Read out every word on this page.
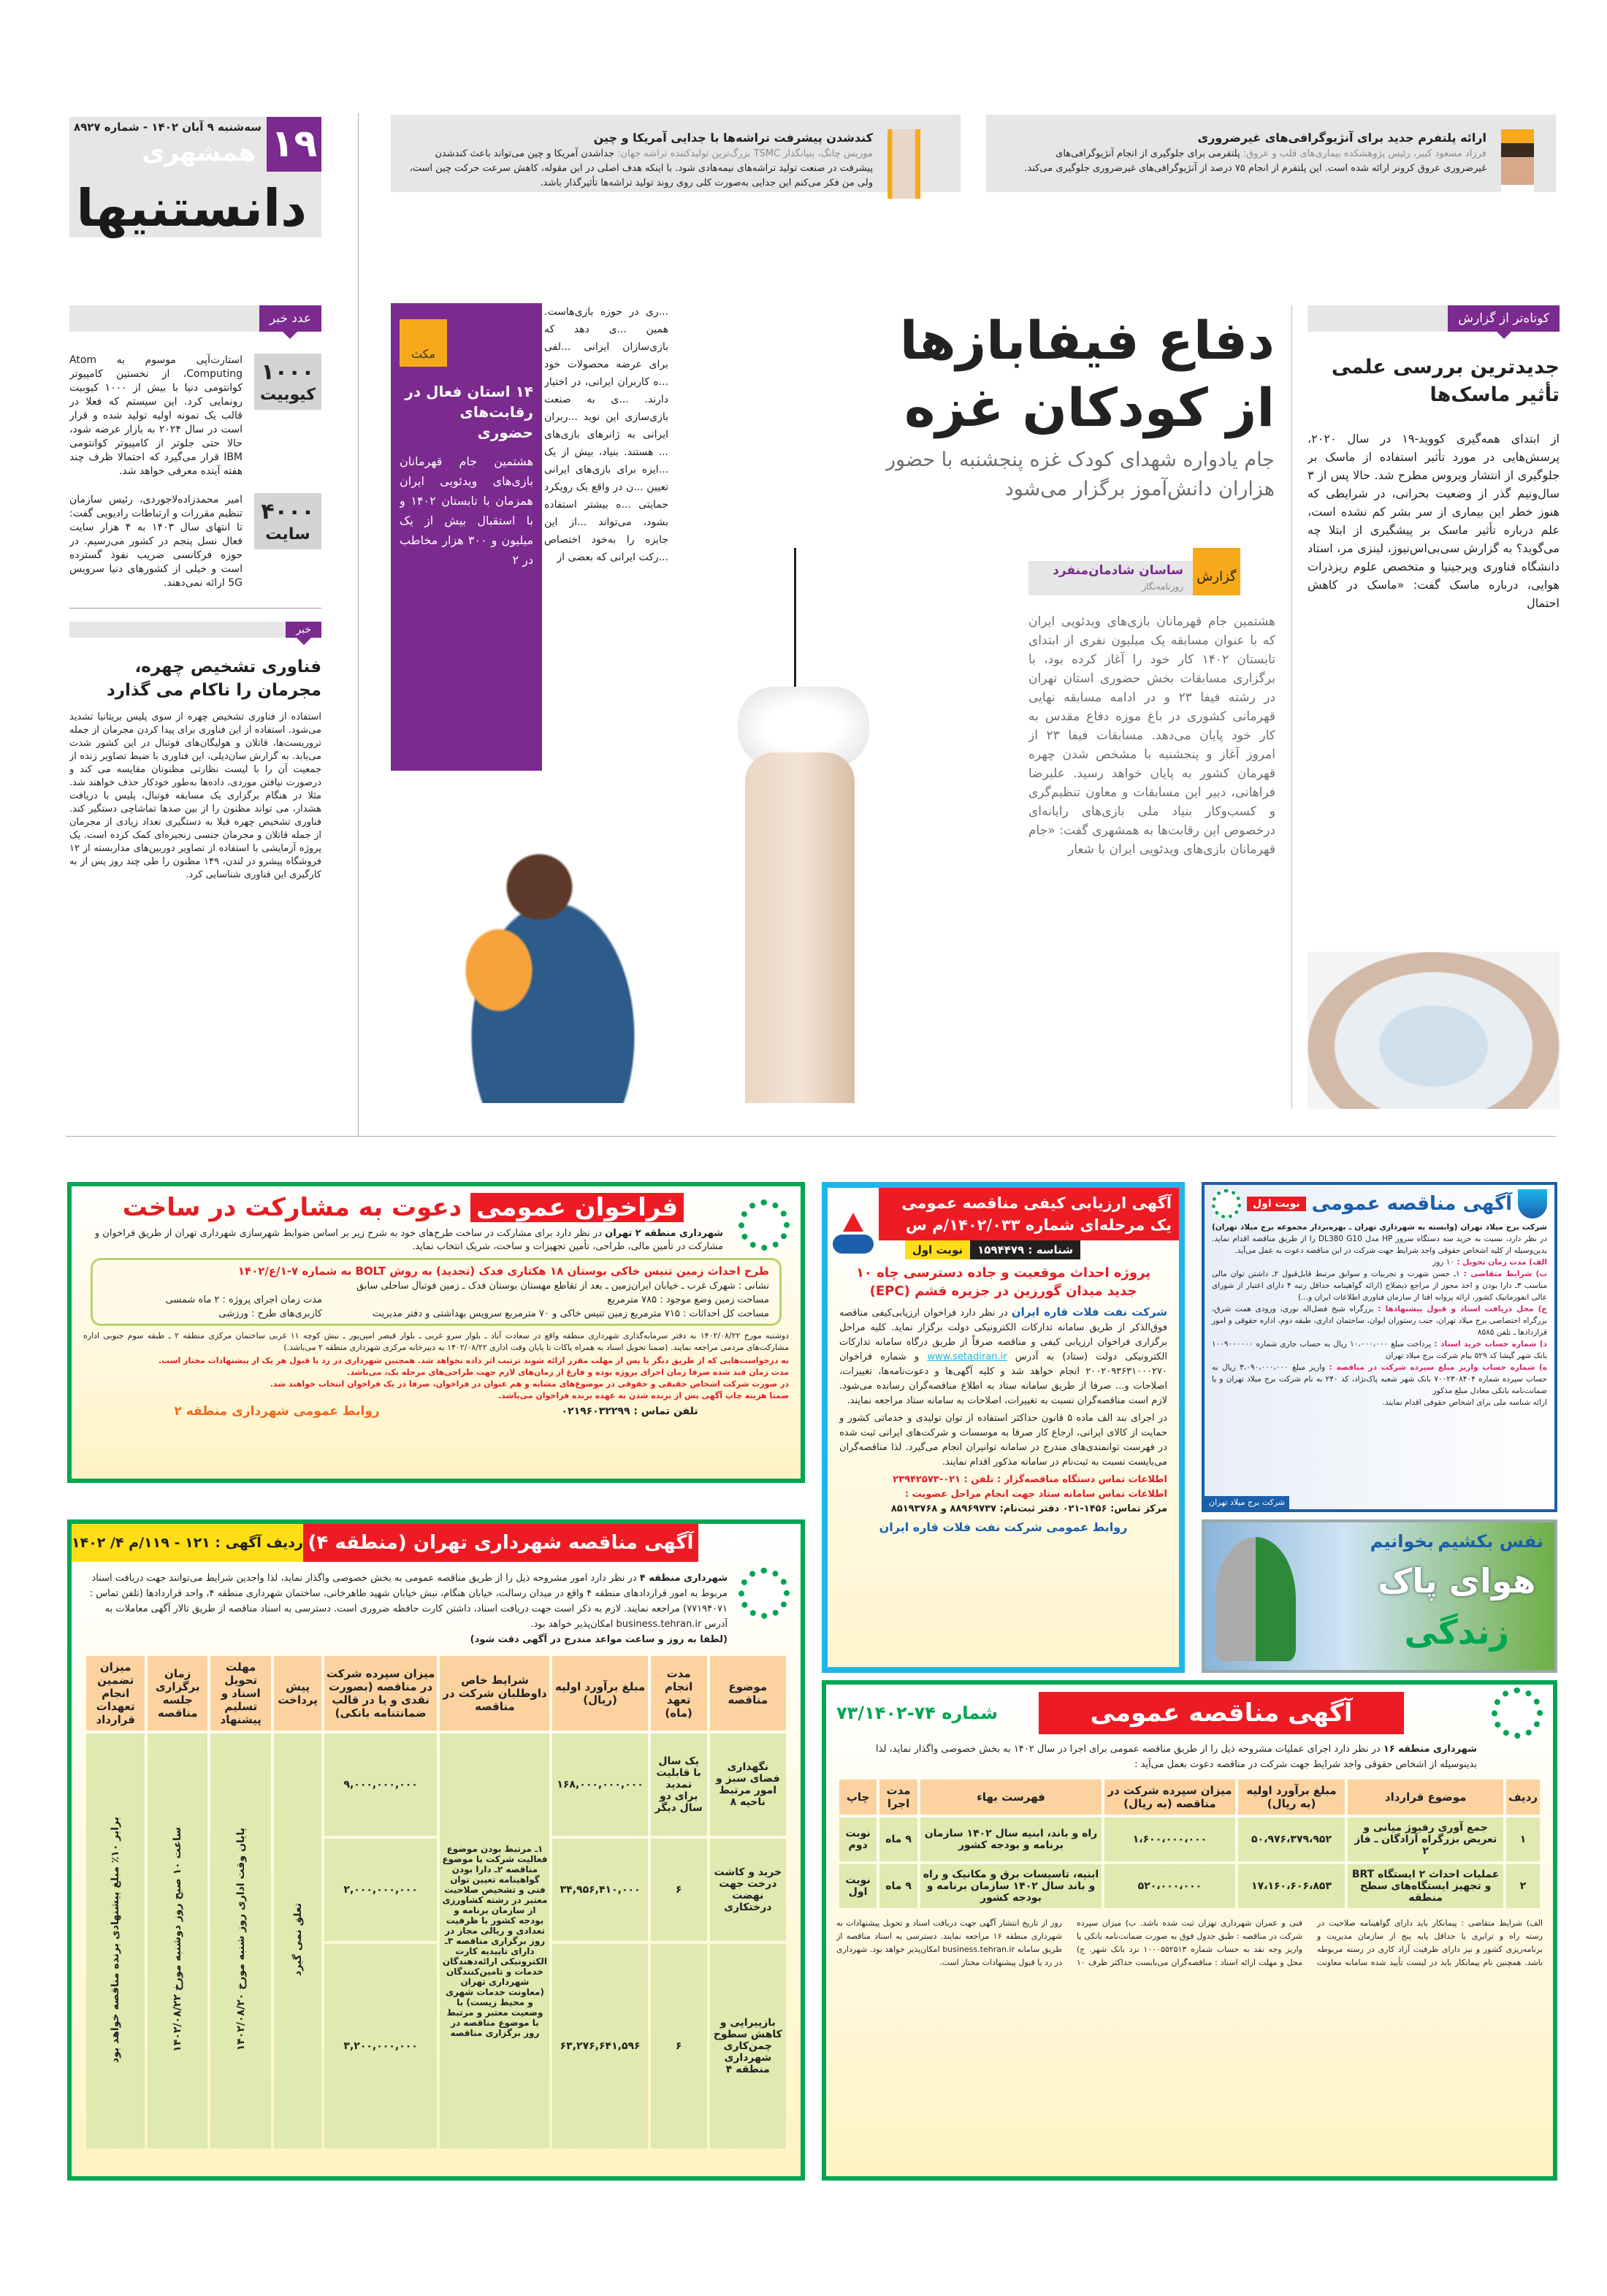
۱۹
سه‌شنبه ۹ آبان ۱۴۰۲ - شماره ۸۹۲۷
همشهری
دانستنیها
ارائه پلتفرم جدید برای آنژیوگرافی‌های غیرضروری
فرزاد مسعود کبیر، رئیس پژوهشکده بیماری‌های قلب و عروق: پلتفرمی برای جلوگیری از انجام آنژیوگرافی‌های غیرضروری عروق کرونر ارائه شده است. این پلتفرم از انجام ۷۵ درصد از آنژیوگرافی‌های غیرضروری جلوگیری می‌کند.
کندشدن پیشرفت تراشه‌ها با جدایی آمریکا و چین
موریس چانگ، بنیانگذار TSMC بزرگ‌ترین تولیدکننده تراشه جهان: جداشدن آمریکا و چین می‌تواند باعث کندشدن پیشرفت در صنعت تولید تراشه‌های نیمه‌هادی شود. با اینکه هدف اصلی در این مقوله، کاهش سرعت حرکت چین است، ولی من فکر می‌کنم این جدایی به‌صورت کلی روی روند تولید تراشه‌ها تأثیرگذار باشد.
کوتاه‌تر از گزارش
جدیدترین بررسی علمی تأثیر ماسک‌ها
از ابتدای همه‌گیری کووید-۱۹ در سال ۲۰۲۰، پرسش‌هایی در مورد تأثیر استفاده از ماسک بر جلوگیری از انتشار ویروس مطرح شد. حالا پس از ۳ سال‌ونیم گذر از وضعیت بحرانی، در شرایطی که هنوز خطر این بیماری از سر بشر کم نشده است، علم درباره تأثیر ماسک بر پیشگیری از ابتلا چه می‌گوید؟ به گزارش سی‌بی‌اس‌نیوز، لینزی مر، استاد دانشگاه فناوری ویرجینیا و متخصص علوم ریزذرات هوایی، درباره ماسک گفت: «ماسک در کاهش احتمال
دفاع فیفابازها
از کودکان غزه
جام یادواره شهدای کودک غزه پنجشنبه با حضور هزاران دانش‌آموز برگزار می‌شود
گزارش
ساسان شادمان‌منفرد
روزنامه‌نگار
هشتمین جام قهرمانان بازی‌های ویدئویی ایران که با عنوان مسابقه یک میلیون نفری از ابتدای تابستان ۱۴۰۲ کار خود را آغاز کرده بود، با برگزاری مسابقات بخش حضوری استان تهران در رشته فیفا ۲۳ و در ادامه مسابقه نهایی قهرمانی کشوری در باغ موزه دفاع مقدس به کار خود پایان می‌دهد. مسابقات فیفا ۲۳ از امروز آغاز و پنجشنبه با مشخص شدن چهره قهرمان کشور به پایان خواهد رسید. علیرضا فراهانی، دبیر این مسابقات و معاون تنظیم‌گری و کسب‌وکار بنیاد ملی بازی‌های رایانه‌ای درخصوص این رقابت‌ها به همشهری گفت: «جام قهرمانان بازی‌های ویدئویی ایران با شعار
مکث
۱۴ استان فعال در رقابت‌های حضوری
هشتمین جام قهرمانان بازی‌های ویدئویی ایران همزمان با تابستان ۱۴۰۲ و با استقبال بیش از یک میلیون و ۳۰۰ هزار مخاطب در ۲
...ری در حوزه بازی‌هاست. همین ...ی دهد که بازی‌سازان ایرانی ...لفی برای عرضه محصولات خود ...ه کاربران ایرانی، در اختیار دارند. ...ی به صنعت بازی‌سازی این نوید ...ربران ایرانی به ژانرهای بازی‌های ... هستند. بنیاد، بیش از یک ...ایزه برای بازی‌های ایرانی تعیین ...ن در واقع یک رویکرد حمایتی ...ه بیشتر استفاده بشود، می‌تواند ...از این جایزه را به‌خود اختصاص ...رکت ایرانی که بعضی از
عدد خبر
۱۰۰۰
کیوبیت
استارت‌آپی موسوم به Atom Computing، از نخستین کامپیوتر کوانتومی دنیا با بیش از ۱۰۰۰ کیوبیت رونمایی کرد. این سیستم که فعلا در قالب یک نمونه اولیه تولید شده و قرار است در سال ۲۰۲۴ به بازار عرضه شود، حالا حتی جلوتر از کامپیوتر کوانتومی IBM قرار می‌گیرد که احتمالا ظرف چند هفته آینده معرفی خواهد شد.
۴۰۰۰
سایت
امیر محمدزاده‌لاجوردی، رئیس سازمان تنظیم مقررات و ارتباطات رادیویی گفت: تا انتهای سال ۱۴۰۳ به ۴ هزار سایت فعال نسل پنجم در کشور می‌رسیم. در حوزه فرکانسی ضریب نفوذ گسترده است و خیلی از کشورهای دنیا سرویس 5G ارائه نمی‌دهند.
خبر
فناوری تشخیص چهره، مجرمان را ناکام می گذارد
استفاده از فناوری تشخیص چهره از سوی پلیس بریتانیا تشدید می‌شود. استفاده از این فناوری برای پیدا کردن مجرمان از جمله تروریست‌ها، قاتلان و هولیگان‌های فوتبال در این کشور شدت می‌یابد. به گزارش سان‌دیلی، این فناوری با ضبط تصاویر زنده از جمعیت آن را با لیست نظارتی مظنونان مقایسه می کند و درصورت نیافتن موردی، داده‌ها به‌طور خودکار حذف خواهند شد. مثلا در هنگام برگزاری یک مسابقه فوتبال، پلیس با دریافت هشدار، می تواند مظنون را از بین صدها تماشاچی دستگیر کند. فناوری تشخیص چهره قبلا به دستگیری تعداد زیادی از مجرمان از جمله قاتلان و مجرمان جنسی زنجیره‌ای کمک کرده است. یک پروژه آزمایشی با استفاده از تصاویر دوربین‌های مداربسته از ۱۲ فروشگاه پیشرو در لندن، ۱۴۹ مظنون را طی چند روز پس از به کارگیری این فناوری شناسایی کرد.
فراخوان عمومی دعوت به مشارکت در ساخت
شهرداری منطقه ۲ تهران در نظر دارد برای مشارکت در ساخت طرح‌های خود به شرح زیر بر اساس ضوابط شهرسازی شهرداری تهران از طریق فراخوان و مشارکت در تأمین مالی، طراحی، تأمین تجهیزات و ساخت، شریک انتخاب نماید.
طرح احداث زمین تنیس خاکی بوستان ۱۸ هکتاری فدک (تجدید) به روش BOLT به شماره ۷-۱/ع/۱۴۰۲
نشانی : شهرک غرب ـ خیابان ایران‌زمین ـ بعد از تقاطع مهستان بوستان فدک ـ زمین فوتبال ساحلی سابق
مساحت زمین وضع موجود : ۷۸۵ مترمربع
مساحت کل احداثات : ۷۱۵ مترمربع زمین تنیس خاکی و ۷۰ مترمربع سرویس بهداشتی و دفتر مدیریت
مدت زمان اجرای پروژه : ۲ ماه شمسی
کاربری‌های طرح : ورزشی
دوشنبه مورخ ۱۴۰۲/۰۸/۲۲ به دفتر سرمایه‌گذاری شهرداری منطقه واقع در سعادت آباد ـ بلوار سرو غربی ـ بلوار قیصر امین‌پور ـ نبش کوچه ۱۱ غربی ساختمان مرکزی منطقه ۲ ـ طبقه سوم جنوبی اداره مشارکت‌های مردمی مراجعه نمایند. (ضمنا تحویل اسناد به همراه پاکات تا پایان وقت اداری ۱۴۰۲/۰۸/۲۲ به دبیرخانه مرکزی شهرداری منطقه ۲ می‌باشد.)
به درخواست‌هایی که از طریق دیگر یا پس از مهلت مقرر ارائه شوند ترتیب اثر داده نخواهد شد. همچنین شهرداری در رد یا قبول هر یک از پیشنهادات مختار است.
مدت زمان قید شده صرفا زمان اجرای پروژه بوده و فارغ از زمان‌های لازم جهت طراحی‌های مرحله یک، می‌باشد.
در صورت شرکت اشخاص حقیقی و حقوقی در موضوع‌های مشابه و هم عنوان در فراخوان، صرفا در یک فراخوان انتخاب خواهند شد.
ضمنا هزینه چاپ آگهی پس از برنده شدن به عهده برنده فراخوان می‌باشد.
تلفن تماس : ۰۲۱۹۶۰۳۲۲۹۹
روابط عمومی شهرداری منطقه ۲
آگهی مناقصه شهرداری تهران (منطقه ۴)
ردیف آگهی : ۱۲۱ - ۱۱۹/م ۴/ ۱۴۰۲
شهرداری منطقه ۴ در نظر دارد امور مشروحه ذیل را از طریق مناقصه عمومی به بخش خصوصی واگذار نماید، لذا واجدین شرایط می‌توانند جهت دریافت اسناد مربوط به امور قراردادهای منطقه ۴ واقع در میدان رسالت، خیابان هنگام، نبش خیابان شهید طاهرخانی، ساختمان شهرداری منطقه ۴، واحد قراردادها (تلفن تماس : ۷۷۱۹۴۰۷۱) مراجعه نمایند. لازم به ذکر است جهت دریافت اسناد، داشتن کارت حافظه ضروری است. دسترسی به اسناد مناقصه از طریق تالار آگهی معاملات به آدرس business.tehran.ir امکان‌پذیر خواهد بود.
(لطفا به روز و ساعت مواعد مندرج در آگهی دقت شود)
موضوع مناقصه	مدت انجام تعهد (ماه)	مبلغ برآورد اولیه (ریال)	شرایط خاص داوطلبان شرکت در مناقصه	میزان سپرده شرکت در مناقصه (بصورت نقدی و یا در قالب ضمانتنامه بانکی)	پیش پرداخت	مهلت تحویل اسناد و تسلیم پیشنهاد	زمان برگزاری جلسه مناقصه	میزان تضمین انجام تعهدات قرارداد
نگهداری فضای سبز و امور مرتبط ناحیه ۸	یک سال با قابلیت تمدید برای دو سال دیگر	۱۶۸,۰۰۰,۰۰۰,۰۰۰	۱ـ مرتبط بودن موضوع فعالیت شرکت با موضوع مناقصه ۲ـ دارا بودن گواهینامه تعیین توان فنی و تشخیص صلاحیت معتبر در رشته کشاورزی از سازمان برنامه و بودجه کشور با ظرفیت تعدادی و ریالی مجاز در روز برگزاری مناقصه ۳ـ دارای تاییدیه کارت الکترونیکی ارائه‌دهندگان خدمات و تامین‌کنندگان شهرداری تهران (معاونت خدمات شهری و محیط زیست) با وضعیت معتبر و مرتبط با موضوع مناقصه در روز برگزاری مناقصه	۹,۰۰۰,۰۰۰,۰۰۰	تعلق نمی گیرد	پایان وقت اداری روز شنبه مورخ ۱۴۰۲/۰۸/۲۰	ساعت ۱۰ صبح روز دوشنبه مورخ ۱۴۰۲/۰۸/۲۲	برابر ۱۰٪ مبلغ پیشنهادی برنده مناقصه خواهد بود
خرید و کاشت درخت جهت نهضت درختکاری	۶	۳۴,۹۵۶,۴۱۰,۰۰۰		۲,۰۰۰,۰۰۰,۰۰۰				
بازپیرایی و کاهش سطوح چمن‌کاری شهرداری منطقه ۴	۶	۶۳,۲۷۶,۶۴۱,۵۹۶		۳,۲۰۰,۰۰۰,۰۰۰				
آگهی ارزیابی کیفی مناقصه عمومی
یک مرحله‌ای شماره ۱۴۰۲/۰۳۳/م س
شناسه : ۱۵۹۴۴۷۹
نوبت اول
پروژه احداث موقعیت و جاده دسترسی چاه ۱۰ جدید میدان گورزین در جزیره قشم (EPC)
شرکت نفت فلات قاره ایران در نظر دارد فراخوان ارزیابی‌کیفی مناقصه فوق‌الذکر از طریق سامانه تدارکات الکترونیکی دولت برگزار نماید. کلیه مراحل برگزاری فراخوان ارزیابی کیفی و مناقصه صرفاً از طریق درگاه سامانه تدارکات الکترونیکی دولت (ستاد) به آدرس www.setadiran.ir و شماره فراخوان ۲۰۰۲۰۹۳۶۳۱۰۰۰۲۷۰ انجام خواهد شد و کلیه آگهی‌ها و دعوت‌نامه‌ها، تغییرات، اصلاحات و... صرفا از طریق سامانه ستاد به اطلاع مناقصه‌گران رسانده می‌شود. لازم است مناقصه‌گران نسبت به تغییرات، اصلاحات به سامانه ستاد مراجعه نمایند.

در اجرای بند الف ماده ۵ قانون حداکثر استفاده از توان تولیدی و خدماتی کشور و حمایت از کالای ایرانی، ارجاع کار صرفا به موسسات و شرکت‌های ایرانی ثبت شده در فهرست توانمندی‌های مندرج در سامانه توانیران انجام می‌گیرد. لذا مناقصه‌گران می‌بایست نسبت به ثبت‌نام در سامانه مذکور اقدام نمایند.

اطلاعات تماس دستگاه مناقصه‌گزار : تلفن : ۰۲۱-۲۳۹۴۲۵۷۳

اطلاعات تماس سامانه ستاد جهت انجام مراحل عضویت :

مرکز تماس: ۱۴۵۶-۰۲۱ دفتر ثبت‌نام: ۸۸۹۶۹۷۳۷ و ۸۵۱۹۳۷۶۸

روابط عمومی شرکت نفت فلات قاره ایران

آگهی مناقصه عمومی
نوبت اول
شرکت برج میلاد تهران (وابسته به شهرداری تهران ـ بهره‌بردار مجموعه برج میلاد تهران) در نظر دارد، نسبت به خرید سه دستگاه سرور HP مدل DL380 G10 را از طریق مناقصه اقدام نماید. بدین‌وسیله از کلیه اشخاص حقوقی واجد شرایط جهت شرکت در این مناقصه دعوت به عمل می‌آید.
الف) مدت زمان تحویل : ۱۰ روز
ب) شرایط متقاضی : ۱ـ حسن شهرت و تجربیات و سوابق مرتبط قابل‌قبول ۲ـ داشتن توان مالی مناسب ۳ـ دارا بودن و اخذ مجوز از مراجع ذیصلاح (ارائه گواهینامه حداقل رتبه ۴ دارای اعتبار از شورای عالی انفورماتیک کشور، ارائه پروانه افتا از سازمان فناوری اطلاعات ایران و...)
ج) محل دریافت اسناد و قبول پیشنهادها : بزرگراه شیخ فضل‌اله نوری، ورودی همت شرق، بزرگراه اختصاصی برج میلاد تهران، جنب رستوران ایوان، ساختمان اداری، طبقه دوم، اداره حقوقی و امور قراردادها ـ تلفن ۸۵۸۵
د) شماره حساب خرید اسناد : پرداخت مبلغ ۱۰،۰۰۰،۰۰۰ ریال به حساب جاری شماره ۱۰۰۹۰۰۰۰۰۰ بانک شهر گیشا کد ۵۲۹ بنام شرکت برج میلاد تهران
ه) شماره حساب واریز مبلغ سپرده شرکت در مناقصه : واریز مبلغ ۳،۰۹۰،۰۰۰،۰۰۰ ریال به حساب سپرده شماره ۷۰۰۲۳۰۸۴۰۴ بانک شهر شعبه پاک‌نژاد، کد ۲۴۰ به نام شرکت برج میلاد تهران و یا ضمانت‌نامه بانکی معادل مبلغ مذکور
ارائه شناسه ملی برای اشخاص حقوقی اقدام نمایند.
شرکت برج میلاد تهران
نفس بکشیم بخوانیم
هوای پاک
زندگی
آگهی مناقصه عمومی
شماره ۷۴-۷۳/۱۴۰۲
شهرداری منطقه ۱۶ در نظر دارد اجرای عملیات مشروحه ذیل را از طریق مناقصه عمومی برای اجرا در سال ۱۴۰۲ به بخش خصوصی واگذار نماید، لذا بدینوسیله از اشخاص حقوقی واجد شرایط جهت شرکت در مناقصه دعوت بعمل می‌آید :
ردیف	موضوع قرارداد	مبلغ برآورد اولیه (به ریال)	میزان سپرده شرکت در مناقصه (به ریال)	فهرست بهاء	مدت اجرا	چاپ
۱	جمع آوری رفیوژ میانی و تعریض بزرگراه آزادگان ـ فاز ۲	۵۰،۹۷۶،۳۷۹،۹۵۲	۱،۶۰۰،۰۰۰،۰۰۰	راه و باند، ابنیه سال ۱۴۰۲ سازمان برنامه و بودجه کشور	۹ ماه	نوبت دوم
۲	عملیات احداث ۲ ایستگاه BRT و تجهیز ایستگاه‌های سطح منطقه	۱۷،۱۶۰،۶۰۶،۸۵۳	۵۲۰،۰۰۰،۰۰۰	ابنیه، تاسیسات برق و مکانیک و راه و باند سال ۱۴۰۲ سازمان برنامه و بودجه کشور	۹ ماه	نوبت اول
الف) شرایط متقاضی : پیمانکار باید دارای گواهینامه صلاحیت در رسته راه و ترابری یا حداقل پایه پنج از سازمان مدیریت و برنامه‌ریزی کشور و نیز دارای ظرفیت آزاد کاری در رسته مربوطه باشد. همچنین نام پیمانکار باید در لیست تأیید شده سامانه معاونت فنی و عمران شهرداری تهران ثبت شده باشد. ب) میزان سپرده شرکت در مناقصه : طبق جدول فوق به صورت ضمانت‌نامه بانکی یا واریز وجه نقد به حساب شماره ۱۰۰۰۵۵۲۵۱۳ نزد بانک شهر. ج) محل و مهلت ارائه اسناد : مناقصه‌گران می‌بایست حداکثر ظرف ۱۰ روز از تاریخ انتشار آگهی جهت دریافت اسناد و تحویل پیشنهادات به شهرداری منطقه ۱۶ مراجعه نمایند. دسترسی به اسناد مناقصه از طریق سامانه business.tehran.ir امکان‌پذیر خواهد بود. شهرداری در رد یا قبول پیشنهادات مختار است.
